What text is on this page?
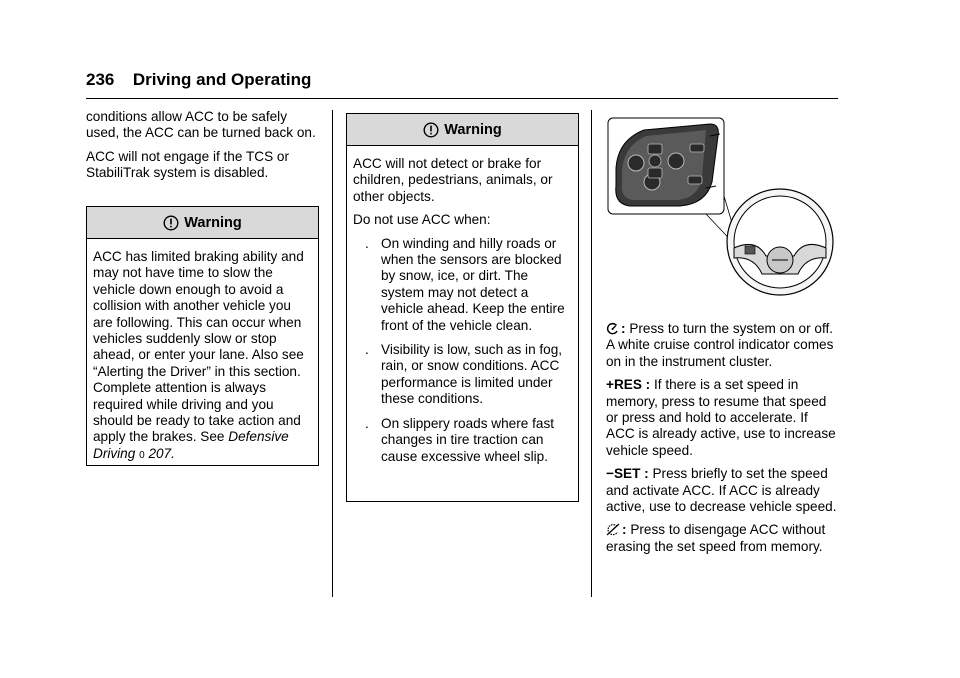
236 Driving and Operating

conditions allow ACC to be safely used, the ACC can be turned back on.

ACC will not engage if the TCS or StabiliTrak system is disabled.

Warning
ACC has limited braking ability and may not have time to slow the vehicle down enough to avoid a collision with another vehicle you are following. This can occur when vehicles suddenly slow or stop ahead, or enter your lane. Also see “Alerting the Driver” in this section. Complete attention is always required while driving and you should be ready to take action and apply the brakes. See Defensive Driving 0 207.
Warning

ACC will not detect or brake for children, pedestrians, animals, or other objects.

Do not use ACC when:

. On winding and hilly roads or when the sensors are blocked by snow, ice, or dirt. The system may not detect a vehicle ahead. Keep the entire front of the vehicle clean.
. Visibility is low, such as in fog, rain, or snow conditions. ACC performance is limited under these conditions.
. On slippery roads where fast changes in tire traction can cause excessive wheel slip.

: Press to turn the system on or off. A white cruise control indicator comes on in the instrument cluster.

+RES : If there is a set speed in memory, press to resume that speed or press and hold to accelerate. If ACC is already active, use to increase vehicle speed.

−SET : Press briefly to set the speed and activate ACC. If ACC is already active, use to decrease vehicle speed.

: Press to disengage ACC without erasing the set speed from memory.
